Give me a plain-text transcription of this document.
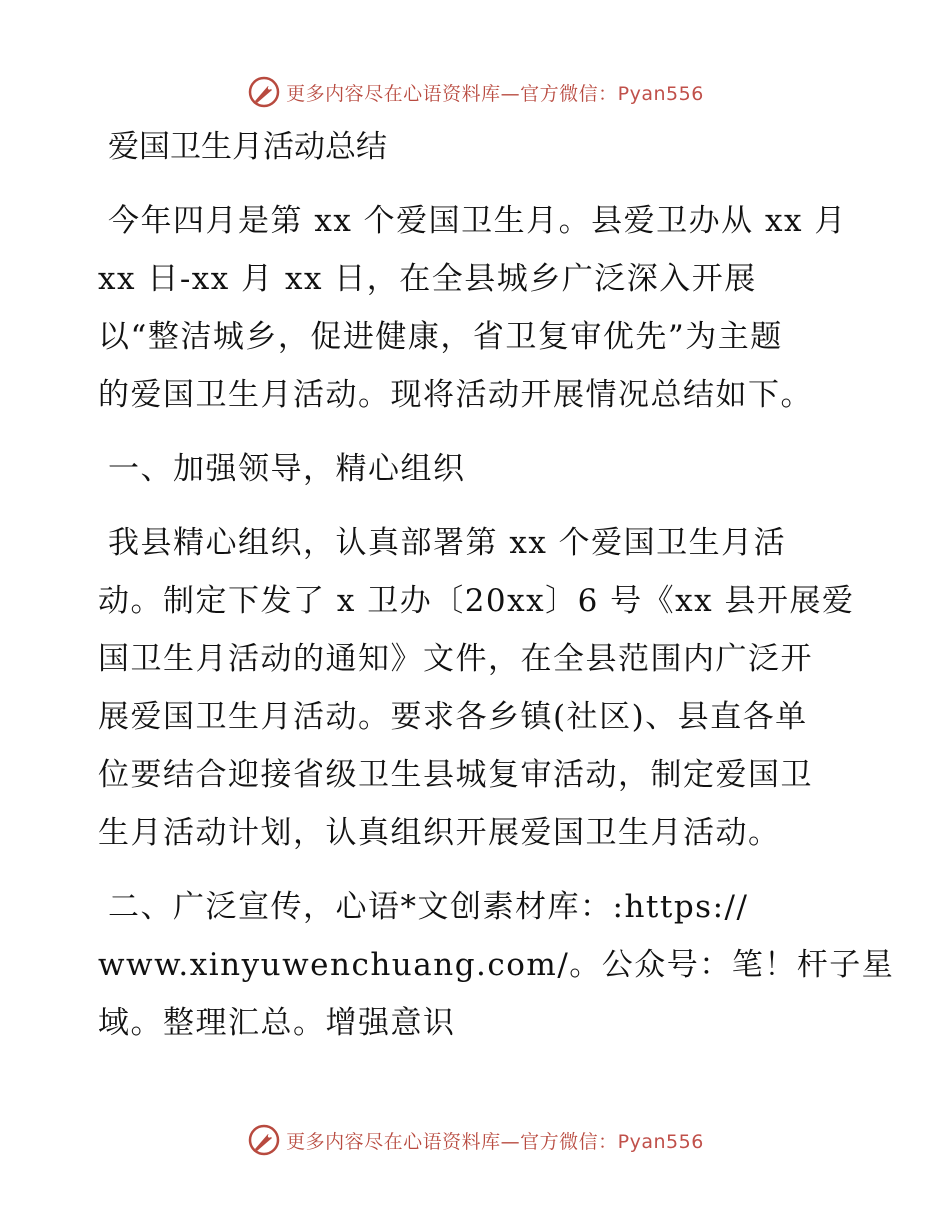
更多内容尽在心语资料库—官方微信：Pyan556
爱国卫生月活动总结

今年四月是第 xx 个爱国卫生月。县爱卫办从 xx 月
xx 日-xx 月 xx 日，在全县城乡广泛深入开展
以“整洁城乡，促进健康，省卫复审优先”为主题
的爱国卫生月活动。现将活动开展情况总结如下。

一、加强领导，精心组织

我县精心组织，认真部署第 xx 个爱国卫生月活
动。制定下发了 x 卫办〔20xx〕6 号《xx 县开展爱
国卫生月活动的通知》文件，在全县范围内广泛开
展爱国卫生月活动。要求各乡镇(社区)、县直各单
位要结合迎接省级卫生县城复审活动，制定爱国卫
生月活动计划，认真组织开展爱国卫生月活动。

二、广泛宣传，心语*文创素材库：:https://
www.xinyuwenchuang.com/。公众号：笔！杆子星
域。整理汇总。增强意识

更多内容尽在心语资料库—官方微信：Pyan556
